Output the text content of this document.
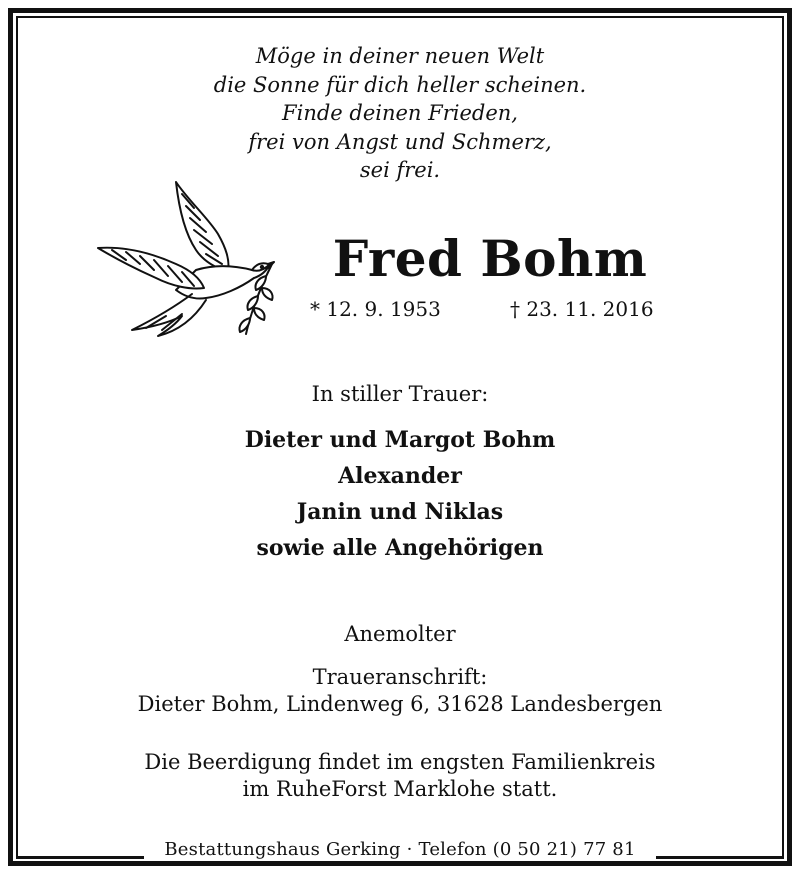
Möge in deiner neuen Welt
die Sonne für dich heller scheinen.
Finde deinen Frieden,
frei von Angst und Schmerz,
sei frei.
Fred Bohm
* 12. 9. 1953	† 23. 11. 2016
In stiller Trauer:
Dieter und Margot Bohm
Alexander
Janin und Niklas
sowie alle Angehörigen
Anemolter
Traueranschrift:
Dieter Bohm, Lindenweg 6, 31628 Landesbergen
Die Beerdigung findet im engsten Familienkreis
im RuheForst Marklohe statt.
Bestattungshaus Gerking · Telefon (0 50 21) 77 81
